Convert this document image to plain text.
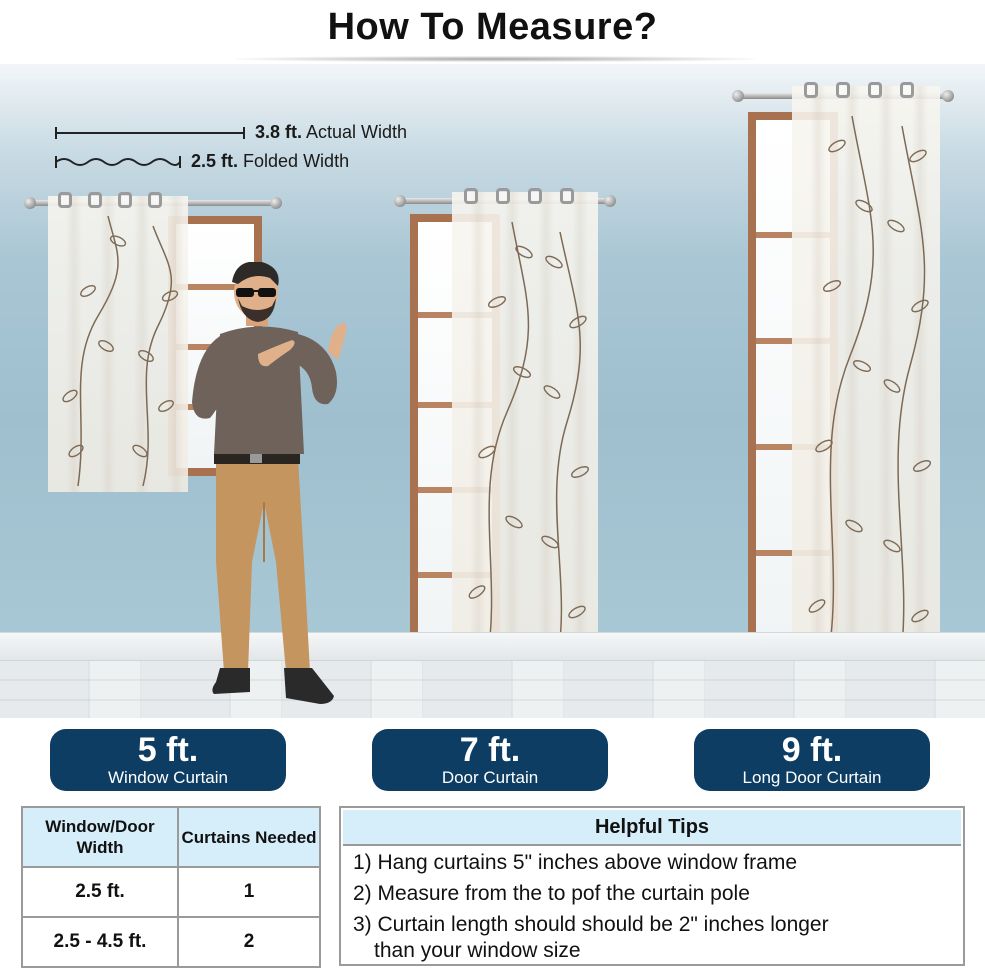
How To Measure?
3.8 ft. Actual Width
2.5 ft. Folded Width
5 ft.
Window Curtain
7 ft.
Door Curtain
9 ft.
Long Door Curtain
Window/Door Width	Curtains Needed
2.5 ft.	1
2.5 - 4.5 ft.	2
Helpful Tips
1) Hang curtains 5" inches above window frame
2) Measure from the to pof the curtain pole
3) Curtain length should should be 2" inches longer
than your window size
